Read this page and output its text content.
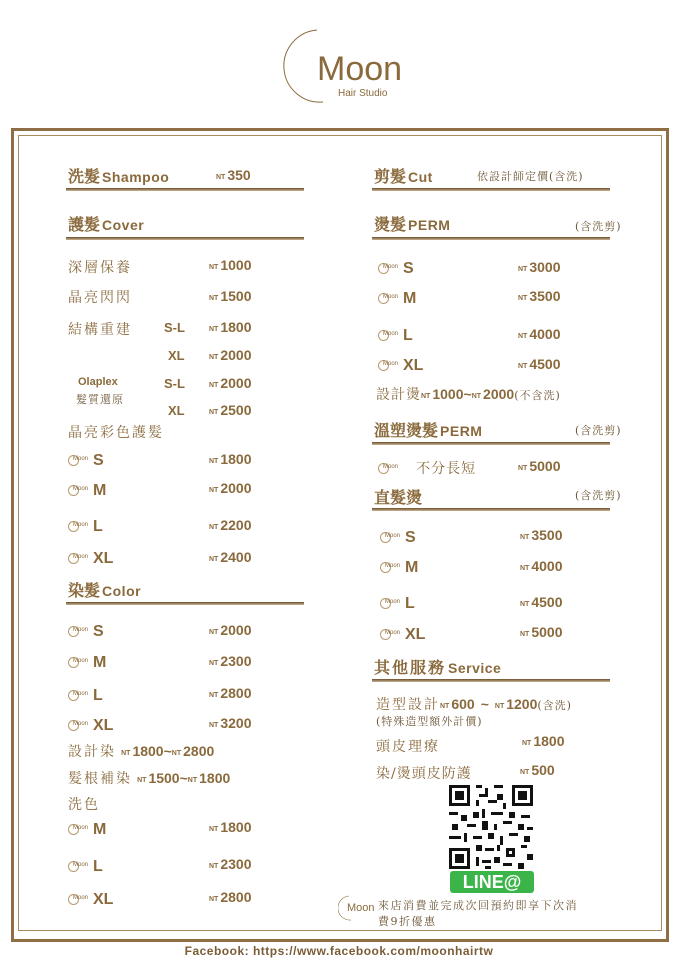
Moon
Hair Studio
洗髮 Shampoo	NT 350
護髮 Cover
深層保養	NT 1000
晶亮閃閃	NT 1500
結構重建 S-L	NT 1800
XL	NT 2000
Olaplex
髮質還原
S-L	NT 2000
XL	NT 2500
晶亮彩色護髮
Moon S	NT 1800
Moon M	NT 2000
Moon L	NT 2200
Moon XL	NT 2400
染髮 Color
Moon S	NT 2000
Moon M	NT 2300
Moon L	NT 2800
Moon XL	NT 3200
設計染 NT 1800~NT 2800
髮根補染 NT 1500~NT 1800
洗色
Moon M	NT 1800
Moon L	NT 2300
Moon XL	NT 2800
剪髮 Cut	依設計師定價(含洗)
燙髮 PERM	(含洗剪)
Moon S	NT 3000
Moon M	NT 3500
Moon L	NT 4000
Moon XL	NT 4500
設計燙NT 1000~NT 2000(不含洗)
溫塑燙髮 PERM	(含洗剪)
Moon 不分長短	NT 5000
直髮燙	(含洗剪)
Moon S	NT 3500
Moon M	NT 4000
Moon L	NT 4500
Moon XL	NT 5000
其他服務 Service
造型設計NT 600 ~ NT 1200(含洗)
(特殊造型額外計價)
頭皮理療	NT 1800
染/燙頭皮防護	NT 500
LINE@
Moon 來店消費並完成次回預約即享下次消
費9折優惠
Facebook: https://www.facebook.com/moonhairtw
